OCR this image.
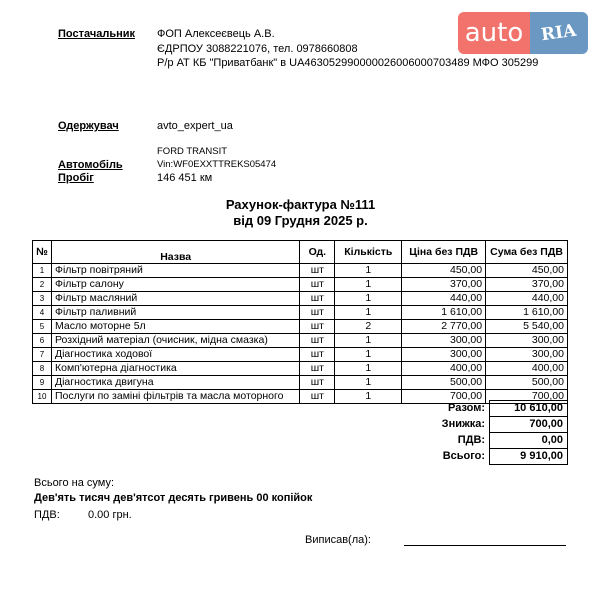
auto RIA
Постачальник ФОП Алексеєвець А.В.
ЄДРПОУ 3088221076, тел. 0978660808
Р/р АТ КБ "Приватбанк" в UA463052990000026006000703489 МФО 305299
Одержувач	avto_expert_ua
FORD TRANSIT
Автомобіль	Vin:WF0EXXTTREKS05474
Пробіг	146 451 км
Рахунок-фактура №111
від 09 Грудня 2025 р.
№	Назва	Од.	Кількість	Ціна без ПДВ	Сума без ПДВ
1	Фільтр повітряний	шт	1	450,00	450,00
2	Фільтр салону	шт	1	370,00	370,00
3	Фільтр масляний	шт	1	440,00	440,00
4	Фільтр паливний	шт	1	1 610,00	1 610,00
5	Масло моторне 5л	шт	2	2 770,00	5 540,00
6	Розхідний матеріал (очисник, мідна смазка)	шт	1	300,00	300,00
7	Діагностика ходової	шт	1	300,00	300,00
8	Комп'ютерна діагностика	шт	1	400,00	400,00
9	Діагностика двигуна	шт	1	500,00	500,00
10	Послуги по заміні фільтрів та масла моторного	шт	1	700,00	700,00
Разом:	10 610,00
Знижка:	700,00
ПДВ:	0,00
Всього:	9 910,00
Всього на суму:
Дев'ять тисяч дев'ятсот десять гривень 00 копійок
ПДВ:	0.00 грн.
Виписав(ла):
